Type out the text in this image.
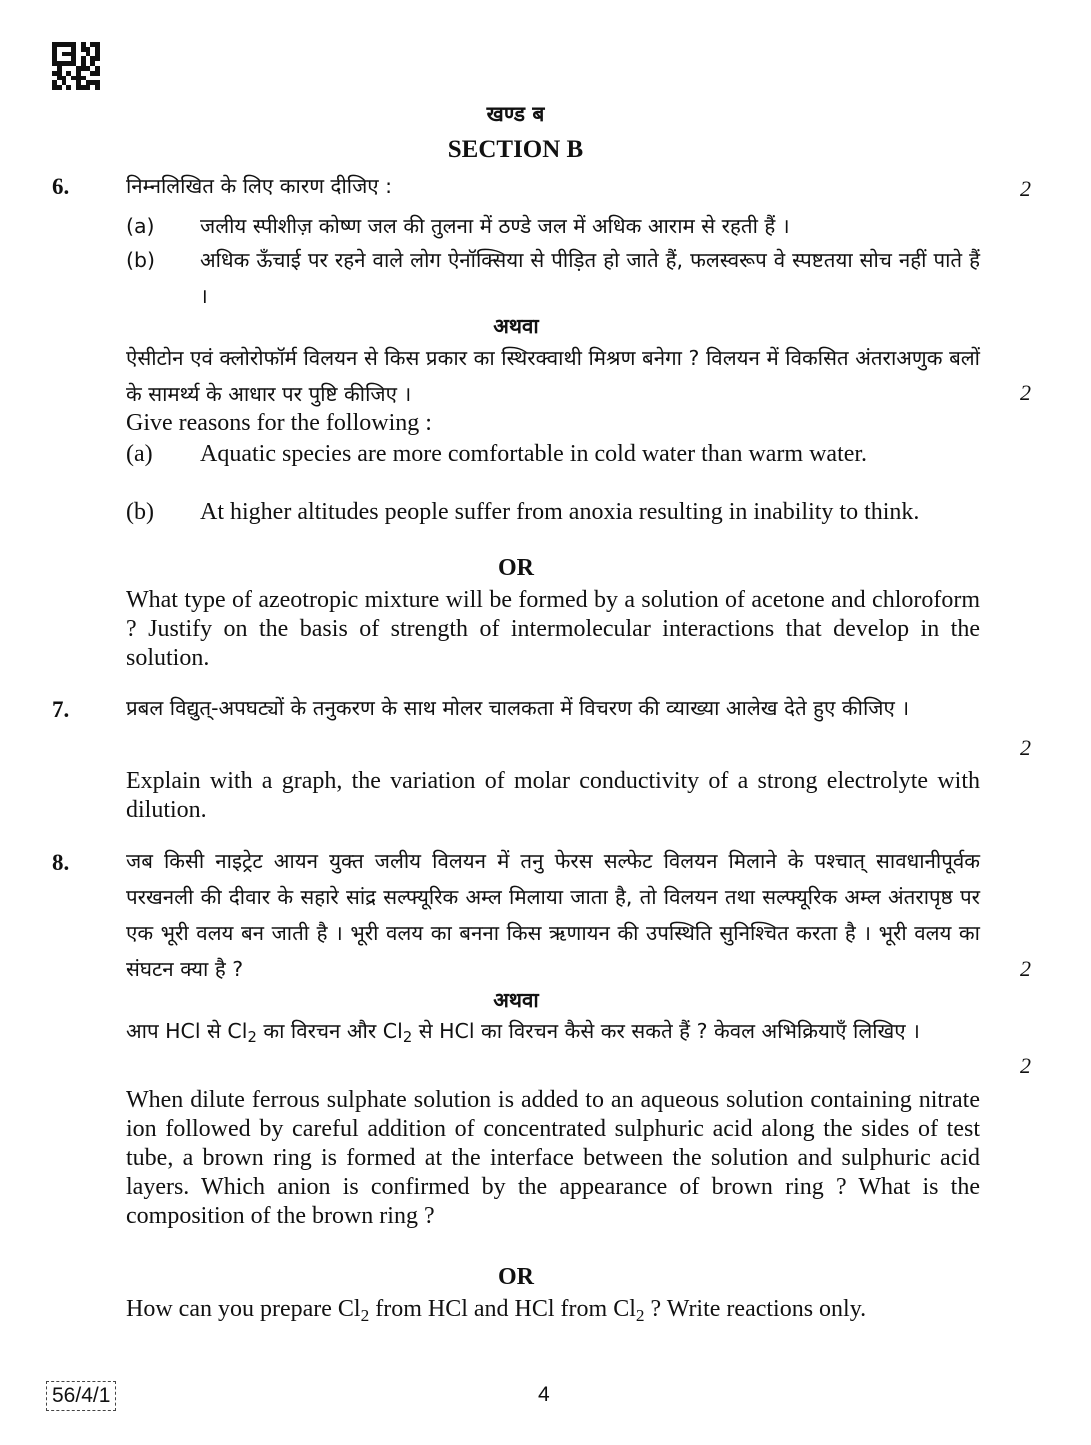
खण्ड ब
SECTION B
6.	निम्नलिखित के लिए कारण दीजिए :	2
(a) जलीय स्पीशीज़ कोष्ण जल की तुलना में ठण्डे जल में अधिक आराम से रहती हैं ।
(b) अधिक ऊँचाई पर रहने वाले लोग ऐनॉक्सिया से पीड़ित हो जाते हैं, फलस्वरूप वे स्पष्टतया सोच नहीं पाते हैं ।
अथवा
ऐसीटोन एवं क्लोरोफॉर्म विलयन से किस प्रकार का स्थिरक्वाथी मिश्रण बनेगा ? विलयन में विकसित अंतराअणुक बलों के सामर्थ्य के आधार पर पुष्टि कीजिए ।	2
Give reasons for the following :
(a) Aquatic species are more comfortable in cold water than warm water.
(b) At higher altitudes people suffer from anoxia resulting in inability to think.
OR
What type of azeotropic mixture will be formed by a solution of acetone and chloroform ? Justify on the basis of strength of intermolecular interactions that develop in the solution.
7.	प्रबल विद्युत्-अपघट्यों के तनुकरण के साथ मोलर चालकता में विचरण की व्याख्या आलेख देते हुए कीजिए ।
2
Explain with a graph, the variation of molar conductivity of a strong electrolyte with dilution.
8.	जब किसी नाइट्रेट आयन युक्त जलीय विलयन में तनु फेरस सल्फेट विलयन मिलाने के पश्चात् सावधानीपूर्वक परखनली की दीवार के सहारे सांद्र सल्फ्यूरिक अम्ल मिलाया जाता है, तो विलयन तथा सल्फ्यूरिक अम्ल अंतरापृष्ठ पर एक भूरी वलय बन जाती है । भूरी वलय का बनना किस ऋणायन की उपस्थिति सुनिश्चित करता है । भूरी वलय का संघटन क्या है ?	2
अथवा
आप HCl से $Cl_2$ का विरचन और $Cl_2$ से HCl का विरचन कैसे कर सकते हैं ? केवल अभिक्रियाएँ लिखिए ।
2
When dilute ferrous sulphate solution is added to an aqueous solution containing nitrate ion followed by careful addition of concentrated sulphuric acid along the sides of test tube, a brown ring is formed at the interface between the solution and sulphuric acid layers. Which anion is confirmed by the appearance of brown ring ? What is the composition of the brown ring ?
OR
How can you prepare $Cl_2$ from HCl and HCl from $Cl_2$ ? Write reactions only.
56/4/1	4
